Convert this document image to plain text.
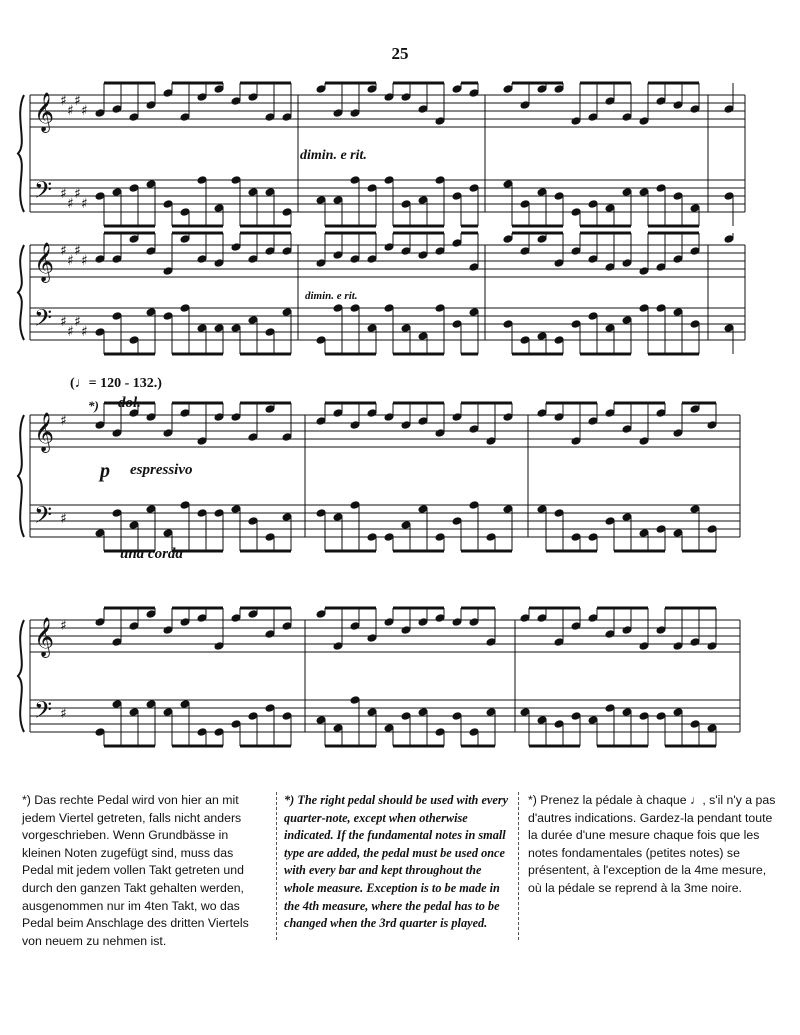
25
𝄞
𝄢
♯
♯
♯
♯
♯
♯
♯
♯
𝄞
𝄢
♯
♯
♯
♯
♯
♯
♯
♯
𝄞
𝄢
♯
♯
𝄞
𝄢
♯
♯
(♩= 120 - 132.)
dimin. e rit.
dimin. e rit.
*) dol.
p espressivo
una corda
*) Das rechte Pedal wird von hier an mit jedem Viertel getreten, falls nicht anders vorgeschrieben. Wenn Grundbässe in kleinen Noten zugefügt sind, muss das Pedal mit jedem vollen Takt getreten und durch den ganzen Takt gehalten werden, ausgenommen nur im 4ten Takt, wo das Pedal beim Anschlage des dritten Viertels von neuem zu nehmen ist.
*) The right pedal should be used with every quarter-note, except when otherwise indicated. If the fundamental notes in small type are added, the pedal must be used once with every bar and kept throughout the whole measure. Exception is to be made in the 4th measure, where the pedal has to be changed when the 3rd quarter is played.
*) Prenez la pédale à chaque ♩, s'il n'y a pas d'autres indications. Gardez-la pendant toute la durée d'une mesure chaque fois que les notes fondamentales (petites notes) se présentent, à l'exception de la 4me mesure, où la pédale se reprend à la 3me noire.
